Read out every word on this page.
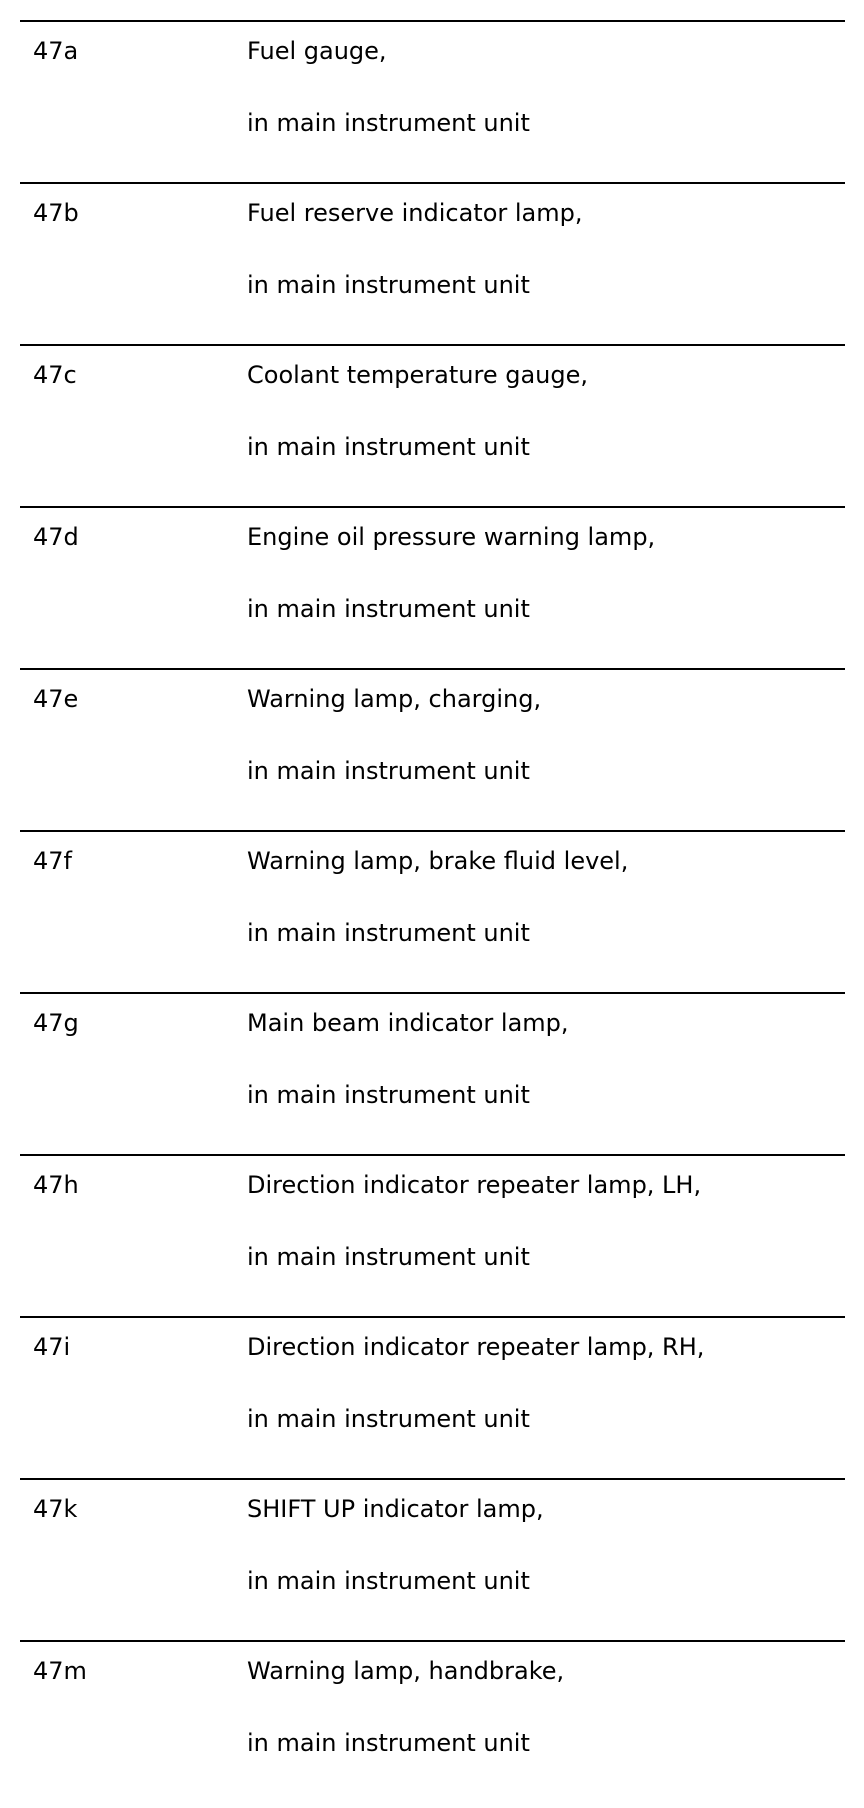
47a	Fuel gauge,
in main instrument unit
47b	Fuel reserve indicator lamp,
in main instrument unit
47c	Coolant temperature gauge,
in main instrument unit
47d	Engine oil pressure warning lamp,
in main instrument unit
47e	Warning lamp, charging,
in main instrument unit
47f	Warning lamp, brake fluid level,
in main instrument unit
47g	Main beam indicator lamp,
in main instrument unit
47h	Direction indicator repeater lamp, LH,
in main instrument unit
47i	Direction indicator repeater lamp, RH,
in main instrument unit
47k	SHIFT UP indicator lamp,
in main instrument unit
47m	Warning lamp, handbrake,
in main instrument unit
